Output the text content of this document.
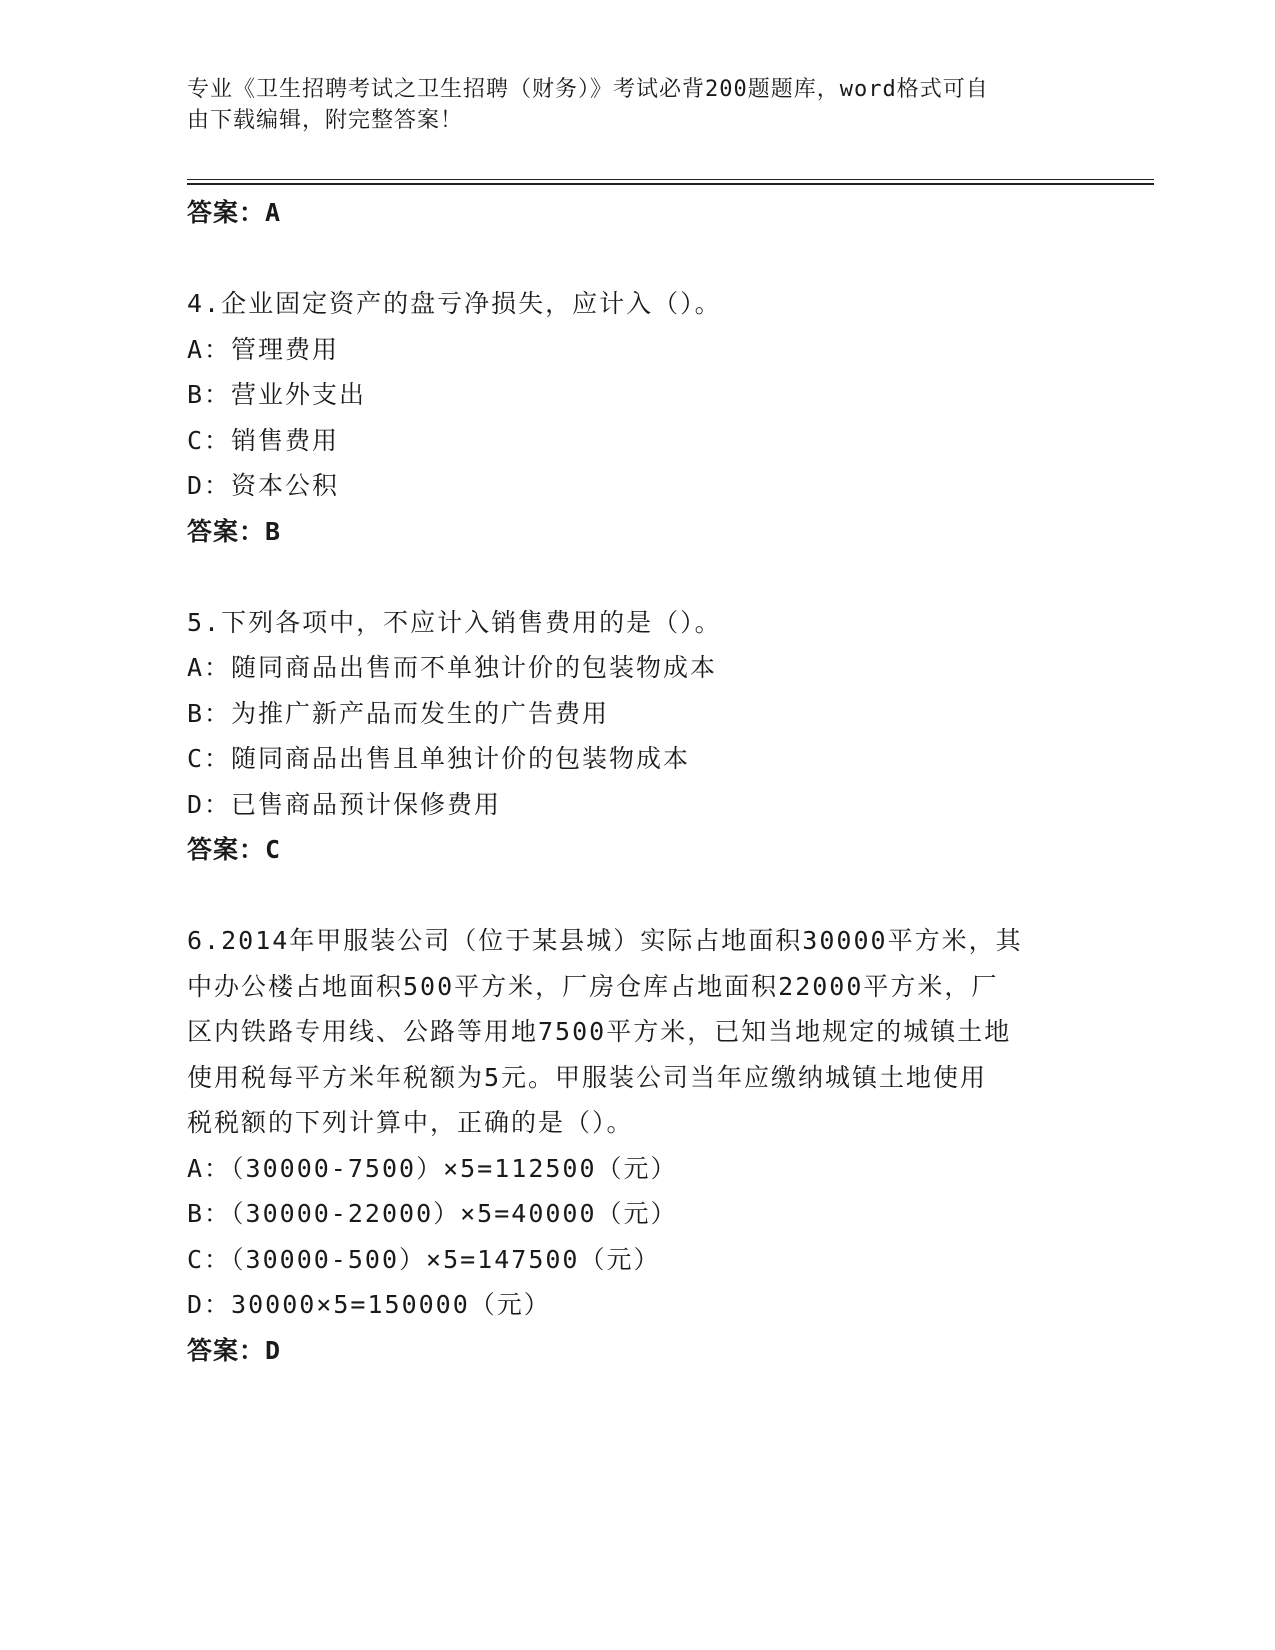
专业《卫生招聘考试之卫生招聘（财务）》考试必背200题题库，word格式可自
由下载编辑，附完整答案！
答案：A
4.企业固定资产的盘亏净损失，应计入（）。
A：管理费用
B：营业外支出
C：销售费用
D：资本公积
答案：B
5.下列各项中，不应计入销售费用的是（）。
A：随同商品出售而不单独计价的包装物成本
B：为推广新产品而发生的广告费用
C：随同商品出售且单独计价的包装物成本
D：已售商品预计保修费用
答案：C
6.2014年甲服装公司（位于某县城）实际占地面积30000平方米，其
中办公楼占地面积500平方米，厂房仓库占地面积22000平方米，厂
区内铁路专用线、公路等用地7500平方米，已知当地规定的城镇土地
使用税每平方米年税额为5元。甲服装公司当年应缴纳城镇土地使用
税税额的下列计算中，正确的是（）。
A：（30000-7500）×5=112500（元）
B：（30000-22000）×5=40000（元）
C：（30000-500）×5=147500（元）
D：30000×5=150000（元）
答案：D
